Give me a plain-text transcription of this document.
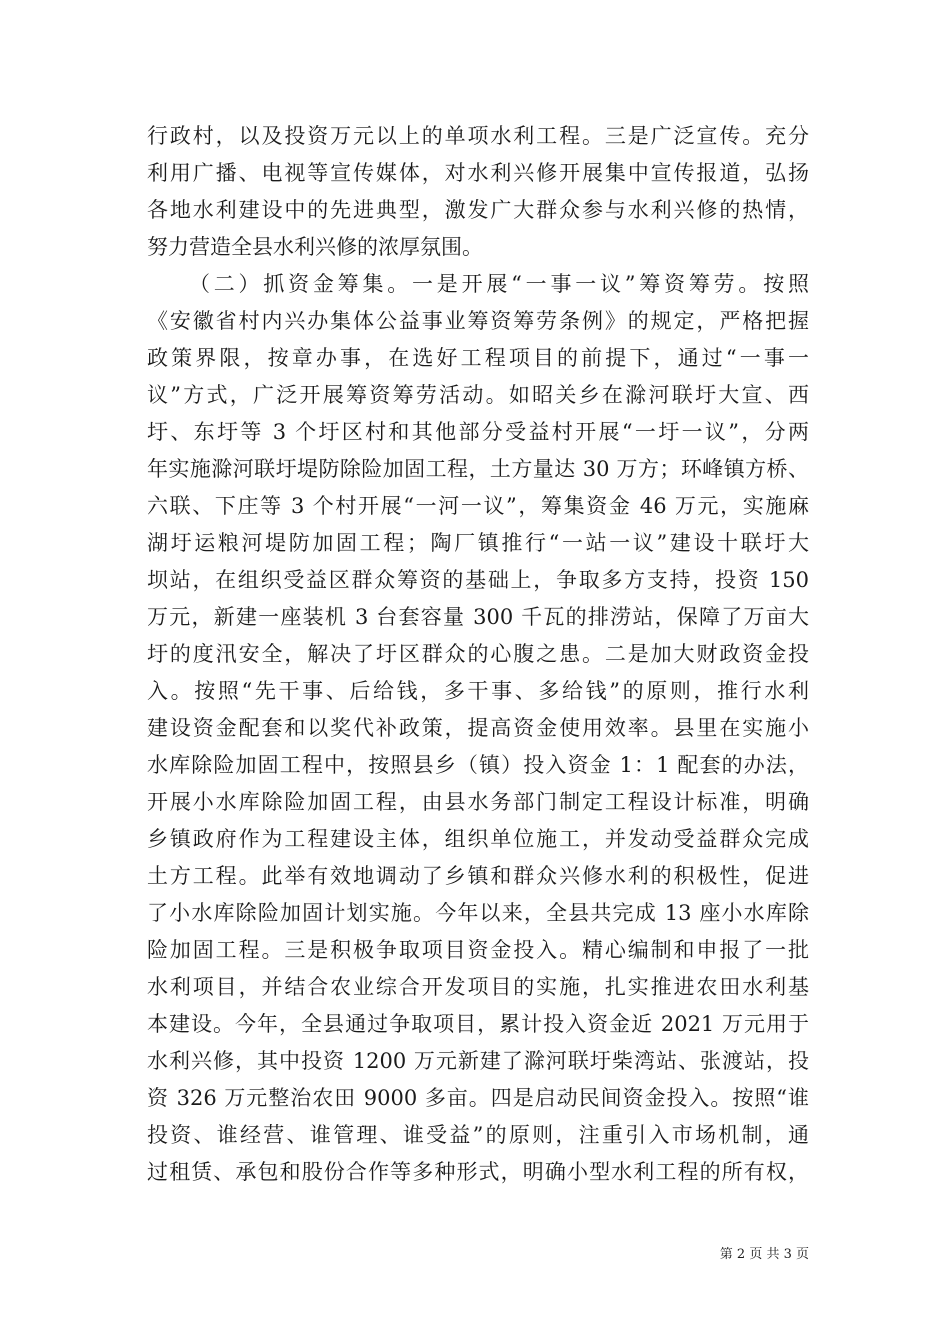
行政村，以及投资万元以上的单项水利工程。三是广泛宣传。充分
利用广播、电视等宣传媒体，对水利兴修开展集中宣传报道，弘扬
各地水利建设中的先进典型，激发广大群众参与水利兴修的热情，
努力营造全县水利兴修的浓厚氛围。
（二）抓资金筹集。一是开展“一事一议”筹资筹劳。按照
《安徽省村内兴办集体公益事业筹资筹劳条例》的规定，严格把握
政策界限，按章办事，在选好工程项目的前提下，通过“一事一
议”方式，广泛开展筹资筹劳活动。如昭关乡在滁河联圩大宣、西
圩、东圩等 3 个圩区村和其他部分受益村开展“一圩一议”，分两
年实施滁河联圩堤防除险加固工程，土方量达 30 万方；环峰镇方桥、
六联、下庄等 3 个村开展“一河一议”，筹集资金 46 万元，实施麻
湖圩运粮河堤防加固工程；陶厂镇推行“一站一议”建设十联圩大
坝站，在组织受益区群众筹资的基础上，争取多方支持，投资 150
万元，新建一座装机 3 台套容量 300 千瓦的排涝站，保障了万亩大
圩的度汛安全，解决了圩区群众的心腹之患。二是加大财政资金投
入。按照“先干事、后给钱，多干事、多给钱”的原则，推行水利
建设资金配套和以奖代补政策，提高资金使用效率。县里在实施小
水库除险加固工程中，按照县乡（镇）投入资金 1：1 配套的办法，
开展小水库除险加固工程，由县水务部门制定工程设计标准，明确
乡镇政府作为工程建设主体，组织单位施工，并发动受益群众完成
土方工程。此举有效地调动了乡镇和群众兴修水利的积极性，促进
了小水库除险加固计划实施。今年以来，全县共完成 13 座小水库除
险加固工程。三是积极争取项目资金投入。精心编制和申报了一批
水利项目，并结合农业综合开发项目的实施，扎实推进农田水利基
本建设。今年，全县通过争取项目，累计投入资金近 2021 万元用于
水利兴修，其中投资 1200 万元新建了滁河联圩柴湾站、张渡站，投
资 326 万元整治农田 9000 多亩。四是启动民间资金投入。按照“谁
投资、谁经营、谁管理、谁受益”的原则，注重引入市场机制，通
过租赁、承包和股份合作等多种形式，明确小型水利工程的所有权，
第 2 页 共 3 页
